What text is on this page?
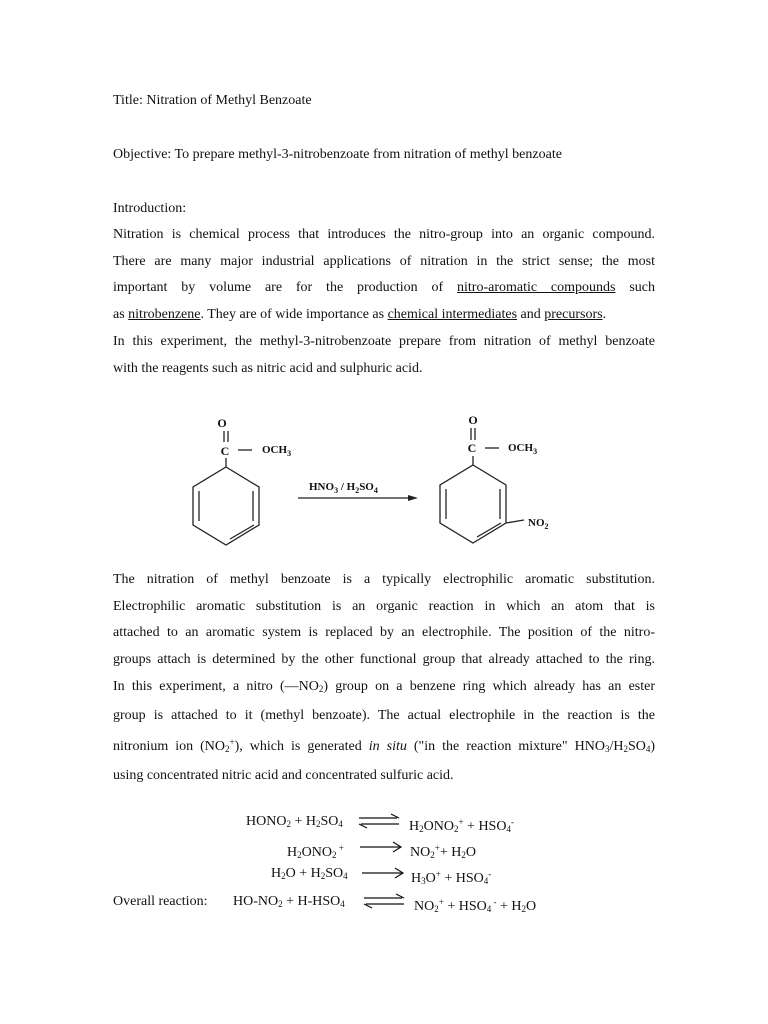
Title: Nitration of Methyl Benzoate
Objective: To prepare methyl-3-nitrobenzoate from nitration of methyl benzoate
Introduction:

Nitration is chemical process that introduces the nitro-group into an organic compound.

There are many major industrial applications of nitration in the strict sense; the most

important by volume are for the production of nitro-aromatic compounds such

as nitrobenzene. They are of wide importance as chemical intermediates and precursors.

In this experiment, the methyl-3-nitrobenzoate prepare from nitration of methyl benzoate

with the reagents such as nitric acid and sulphuric acid.

O
C	$OCH_3$
$HNO_3 / H_2SO_4$
O
C	$OCH_3$
$NO_2$

The nitration of methyl benzoate is a typically electrophilic aromatic substitution.

Electrophilic aromatic substitution is an organic reaction in which an atom that is

attached to an aromatic system is replaced by an electrophile. The position of the nitro-

groups attach is determined by the other functional group that already attached to the ring.

In this experiment, a nitro $(—NO_2)$ group on a benzene ring which already has an ester

group is attached to it (methyl benzoate). The actual electrophile in the reaction is the

nitronium ion $(NO_2^+)$, which is generated in situ ("in the reaction mixture" $HNO_3/H_2SO_4$)

using concentrated nitric acid and concentrated sulfuric acid.

$HONO_2 + H_2SO_4$ ⇌ $H_2ONO_2^+ + HSO_4^-$
$H_2ONO_2$ +	$NO_2^++ H_2O$
$H_2O + H_2SO_4$	$H_3O^+ + HSO_4^-$
Overall reaction: $HO-NO_2 + H-HSO_4$ ⇌ $NO_2^+ + HSO_4$ $^- + H_2O$
